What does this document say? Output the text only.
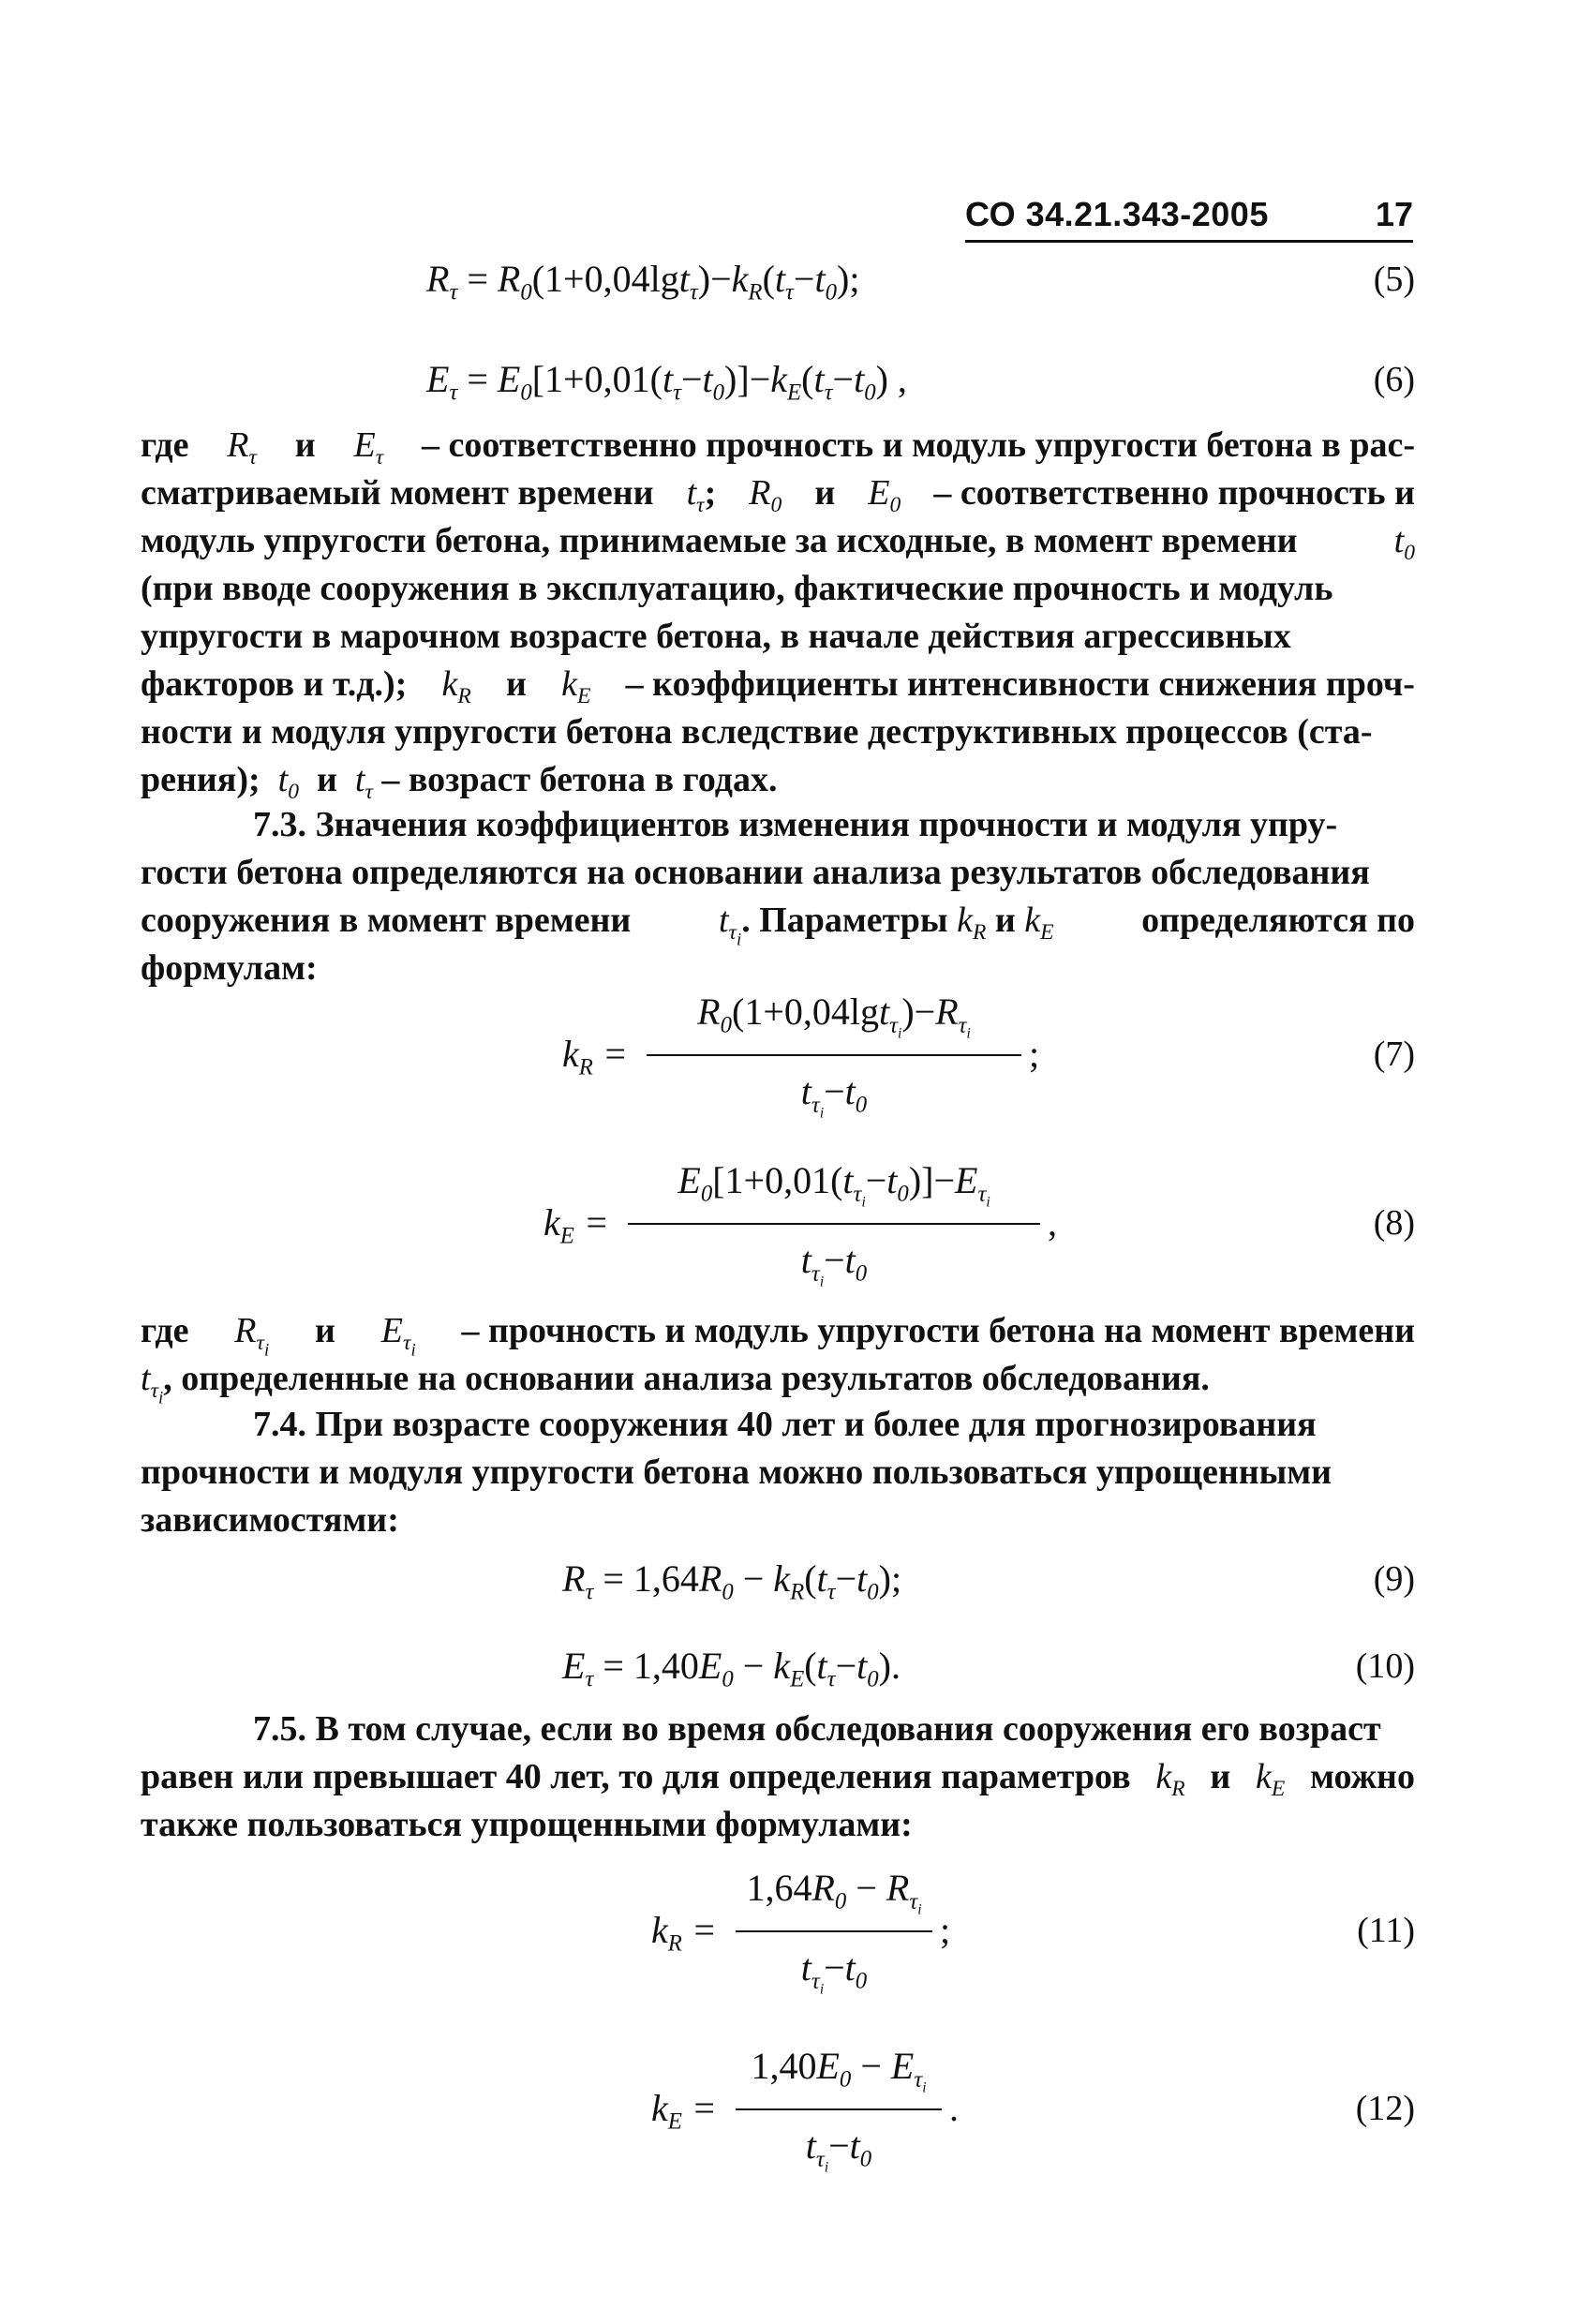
СО 34.21.343-2005	17
$R_\tau = R_0(1+0,04\lg t_\tau)-k_R(t_\tau-t_0)$;	(5)
$E_\tau = E_0[1+0,01(t_\tau-t_0)]-k_E(t_\tau-t_0)$ ,	(6)
где $R_\tau$ и $E_\tau$ – соответственно прочность и модуль упругости бетона в рас-
сматриваемый момент времени $t_\tau$; $R_0$ и $E_0$ – соответственно прочность и
модуль упругости бетона, принимаемые за исходные, в момент времени	$t_0$
(при вводе сооружения в эксплуатацию, фактические прочность и модуль
упругости в марочном возрасте бетона, в начале действия агрессивных
факторов и т.д.); $k_R$ и $k_E$ – коэффициенты интенсивности снижения проч-
ности и модуля упругости бетона вследствие деструктивных процессов (ста-
рения);  $t_0$  и  $t_\tau$ – возраст бетона в годах.
7.3. Значения коэффициентов изменения прочности и модуля упру-
гости бетона определяются на основании анализа результатов обследования
сооружения в момент времени $t_{\tau_i}$. Параметры $k_R$ и $k_E$ определяются по
формулам:
$k_R$ =
$R_0(1+0,04\lg t_{\tau_i})-R_{\tau_i}$
$t_{\tau_i}-t_0$
;	(7)
$k_E$ =
$E_0[1+0,01(t_{\tau_i}-t_0)]-E_{\tau_i}$
$t_{\tau_i}-t_0$
,	(8)
где $R_{\tau_i}$
и $E_{\tau_i}$
– прочность и модуль упругости бетона на момент времени
$t_{\tau_i}$, определенные на основании анализа результатов обследования.
7.4. При возрасте сооружения 40 лет и более для прогнозирования
прочности и модуля упругости бетона можно пользоваться упрощенными
зависимостями:
$R_\tau = 1,64R_0 - k_R(t_\tau-t_0)$;	(9)
$E_\tau = 1,40E_0 - k_E(t_\tau-t_0)$.	(10)
7.5. В том случае, если во время обследования сооружения его возраст
равен или превышает 40 лет, то для определения параметров $k_R$ и $k_E$ можно
также пользоваться упрощенными формулами:
$k_R$ =
$1,64R_0 - R_{\tau_i}$
$t_{\tau_i}-t_0$
;	(11)
$k_E$ =
$1,40E_0 - E_{\tau_i}$
$t_{\tau_i}-t_0$
.	(12)
